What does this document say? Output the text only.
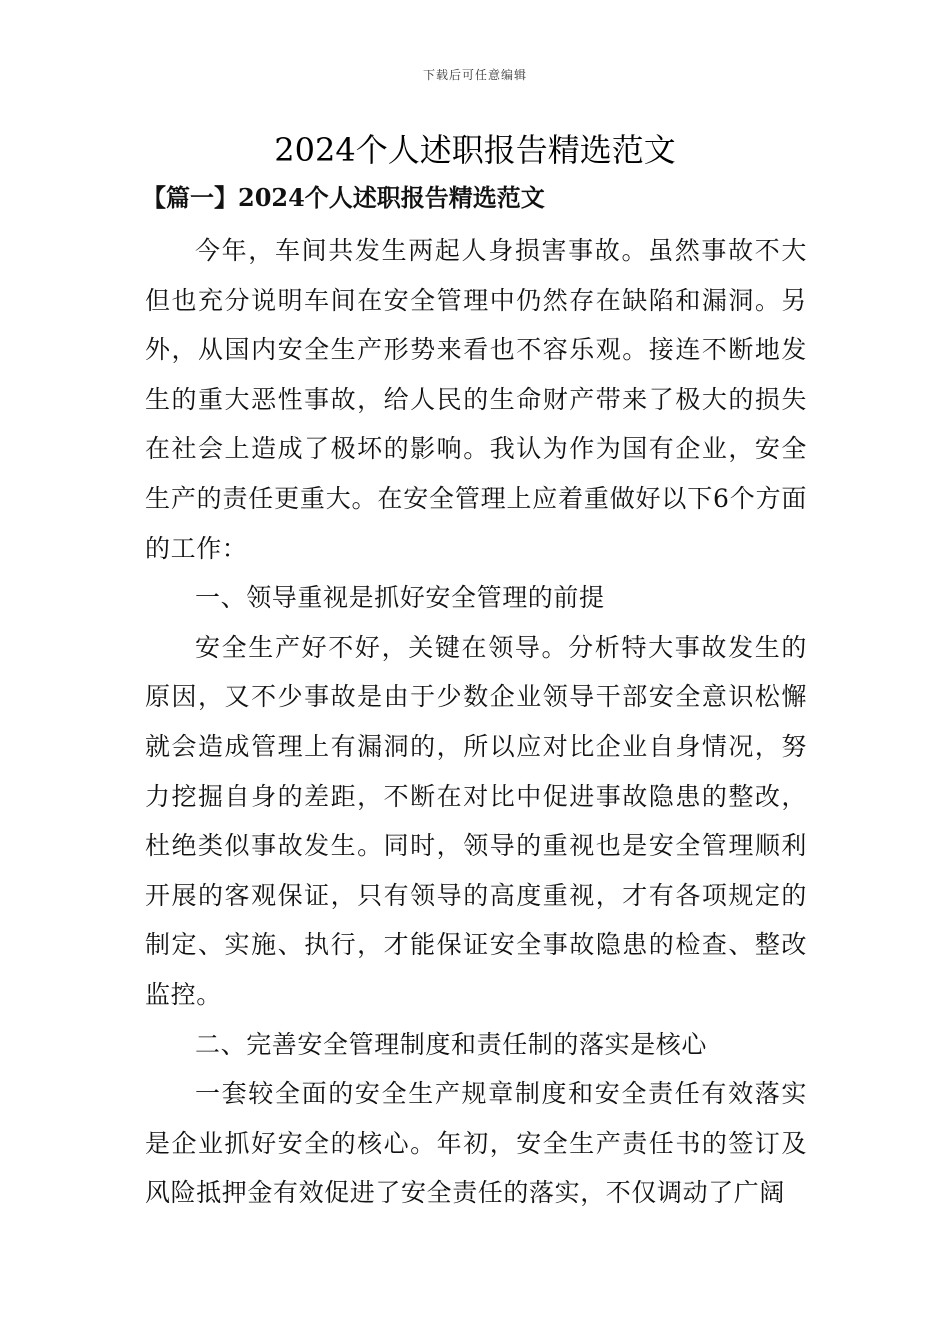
下载后可任意编辑
2024个人述职报告精选范文
【篇一】2024个人述职报告精选范文

今年，车间共发生两起人身损害事故。虽然事故不大但也充分说明车间在安全管理中仍然存在缺陷和漏洞。另外，从国内安全生产形势来看也不容乐观。接连不断地发生的重大恶性事故，给人民的生命财产带来了极大的损失在社会上造成了极坏的影响。我认为作为国有企业，安全生产的责任更重大。在安全管理上应着重做好以下6个方面的工作：

一、领导重视是抓好安全管理的前提

安全生产好不好，关键在领导。分析特大事故发生的原因，又不少事故是由于少数企业领导干部安全意识松懈就会造成管理上有漏洞的，所以应对比企业自身情况，努力挖掘自身的差距，不断在对比中促进事故隐患的整改，杜绝类似事故发生。同时，领导的重视也是安全管理顺利开展的客观保证，只有领导的高度重视，才有各项规定的制定、实施、执行，才能保证安全事故隐患的检查、整改监控。

二、完善安全管理制度和责任制的落实是核心

一套较全面的安全生产规章制度和安全责任有效落实是企业抓好安全的核心。年初，安全生产责任书的签订及风险抵押金有效促进了安全责任的落实，不仅调动了广阔
